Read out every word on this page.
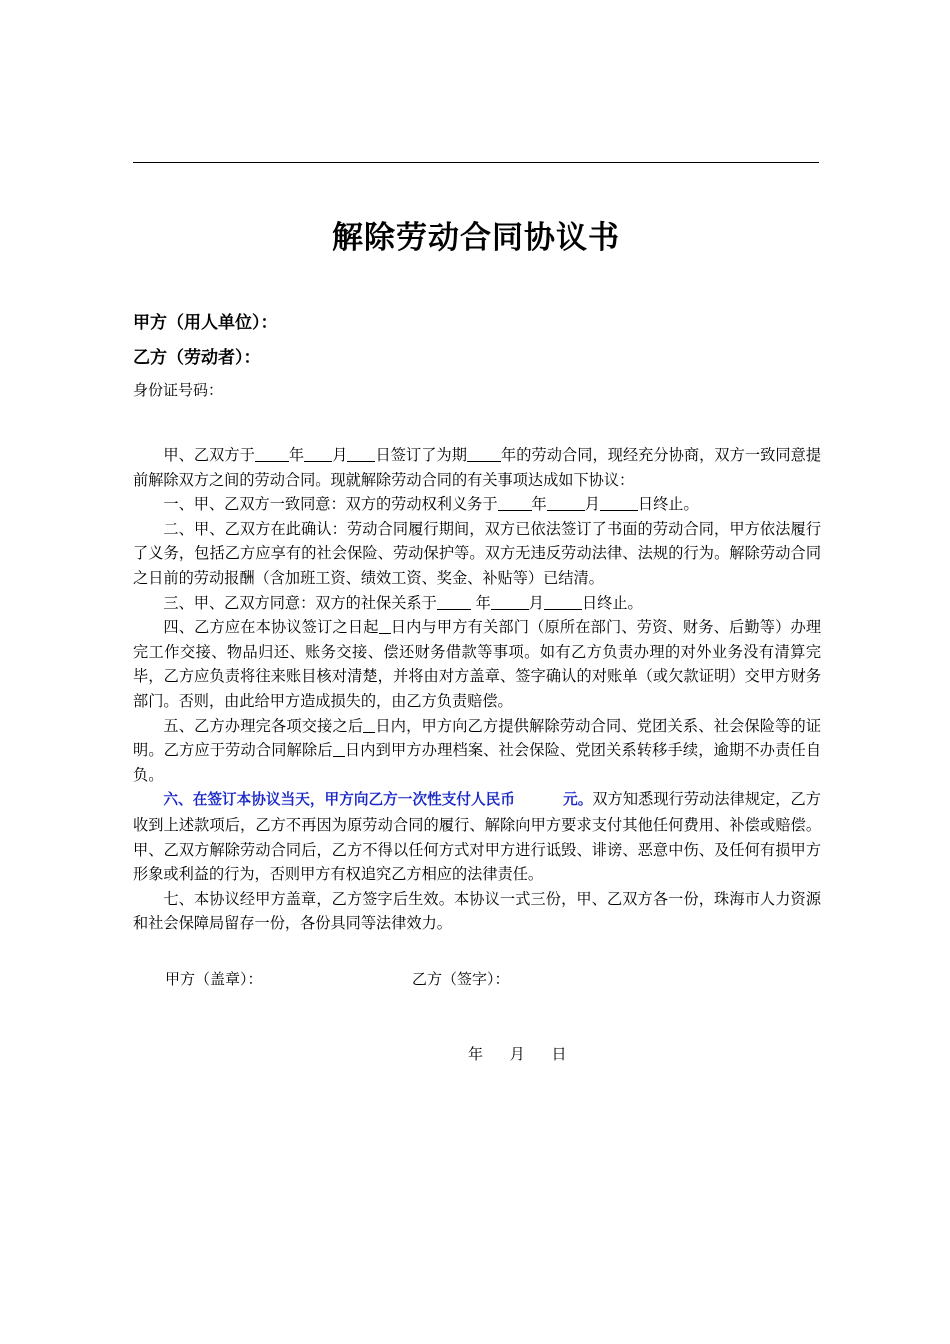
解除劳动合同协议书
甲方（用人单位）：
乙方（劳动者）：
身份证号码：

甲、乙双方于 年 月 日签订了为期 年的劳动合同，现经充分协商，双方一致同意提前解除双方之间的劳动合同。现就解除劳动合同的有关事项达成如下协议：

一、甲、乙双方一致同意：双方的劳动权利义务于 年	月	日终止。

二、甲、乙双方在此确认：劳动合同履行期间，双方已依法签订了书面的劳动合同，甲方依法履行了义务，包括乙方应享有的社会保险、劳动保护等。双方无违反劳动法律、法规的行为。解除劳动合同之日前的劳动报酬（含加班工资、绩效工资、奖金、补贴等）已结清。

三、甲、乙双方同意：双方的社保关系于 年	月	日终止。

四、乙方应在本协议签订之日起 日内与甲方有关部门（原所在部门、劳资、财务、后勤等）办理完工作交接、物品归还、账务交接、偿还财务借款等事项。如有乙方负责办理的对外业务没有清算完毕，乙方应负责将往来账目核对清楚，并将由对方盖章、签字确认的对账单（或欠款证明）交甲方财务部门。否则，由此给甲方造成损失的，由乙方负责赔偿。

五、乙方办理完各项交接之后 日内，甲方向乙方提供解除劳动合同、党团关系、社会保险等的证明。乙方应于劳动合同解除后 日内到甲方办理档案、社会保险、党团关系转移手续，逾期不办责任自负。

六、在签订本协议当天，甲方向乙方一次性支付人民币	元。双方知悉现行劳动法律规定，乙方收到上述款项后，乙方不再因为原劳动合同的履行、解除向甲方要求支付其他任何费用、补偿或赔偿。甲、乙双方解除劳动合同后，乙方不得以任何方式对甲方进行诋毁、诽谤、恶意中伤、及任何有损甲方形象或利益的行为，否则甲方有权追究乙方相应的法律责任。

七、本协议经甲方盖章，乙方签字后生效。本协议一式三份，甲、乙双方各一份，珠海市人力资源和社会保障局留存一份，各份具同等法律效力。

甲方（盖章）：	乙方（签字）：
年 月 日
